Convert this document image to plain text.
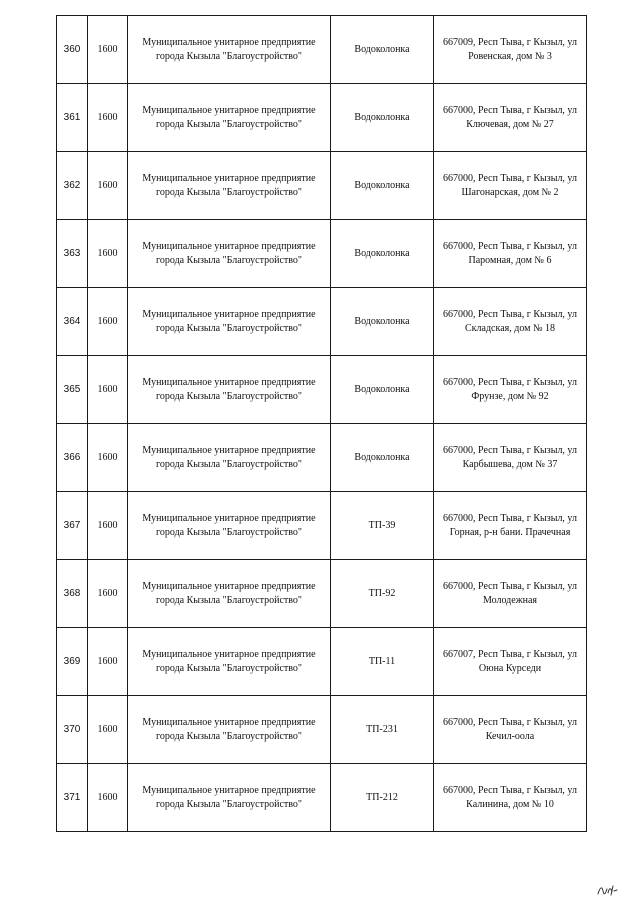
360	1600	Муниципальное унитарное предприятие города Кызыла "Благоустройство"	Водоколонка	667009, Респ Тыва, г Кызыл, ул Ровенская, дом № 3
361	1600	Муниципальное унитарное предприятие города Кызыла "Благоустройство"	Водоколонка	667000, Респ Тыва, г Кызыл, ул Ключевая, дом № 27
362	1600	Муниципальное унитарное предприятие города Кызыла "Благоустройство"	Водоколонка	667000, Респ Тыва, г Кызыл, ул Шагонарская, дом № 2
363	1600	Муниципальное унитарное предприятие города Кызыла "Благоустройство"	Водоколонка	667000, Респ Тыва, г Кызыл, ул Паромная, дом № 6
364	1600	Муниципальное унитарное предприятие города Кызыла "Благоустройство"	Водоколонка	667000, Респ Тыва, г Кызыл, ул Складская, дом № 18
365	1600	Муниципальное унитарное предприятие города Кызыла "Благоустройство"	Водоколонка	667000, Респ Тыва, г Кызыл, ул Фрунзе, дом № 92
366	1600	Муниципальное унитарное предприятие города Кызыла "Благоустройство"	Водоколонка	667000, Респ Тыва, г Кызыл, ул Карбышева, дом № 37
367	1600	Муниципальное унитарное предприятие города Кызыла "Благоустройство"	ТП-39	667000, Респ Тыва, г Кызыл, ул Горная, р-н бани. Прачечная
368	1600	Муниципальное унитарное предприятие города Кызыла "Благоустройство"	ТП-92	667000, Респ Тыва, г Кызыл, ул Молодежная
369	1600	Муниципальное унитарное предприятие города Кызыла "Благоустройство"	ТП-11	667007, Респ Тыва, г Кызыл, ул Оюна Курседи
370	1600	Муниципальное унитарное предприятие города Кызыла "Благоустройство"	ТП-231	667000, Респ Тыва, г Кызыл, ул Кечил-оола
371	1600	Муниципальное унитарное предприятие города Кызыла "Благоустройство"	ТП-212	667000, Респ Тыва, г Кызыл, ул Калинина, дом № 10
